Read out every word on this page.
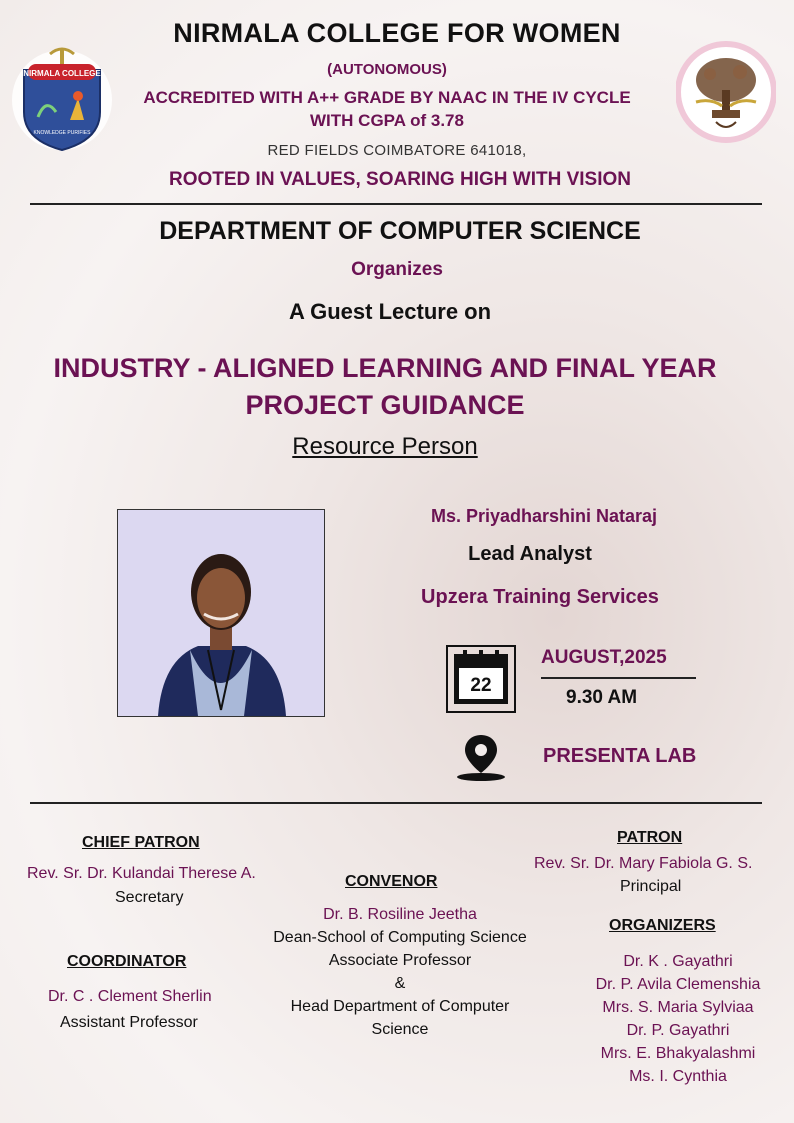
NIRMALA COLLEGE
KNOWLEDGE PURIFIES
NIRMALA COLLEGE FOR WOMEN
(AUTONOMOUS)
ACCREDITED WITH A++ GRADE BY NAAC IN THE IV CYCLE
WITH CGPA of 3.78
RED FIELDS COIMBATORE 641018,
ROOTED IN VALUES, SOARING HIGH WITH VISION
DEPARTMENT OF COMPUTER SCIENCE
Organizes
A Guest Lecture on
INDUSTRY - ALIGNED LEARNING AND FINAL YEAR
PROJECT GUIDANCE
Resource Person
Ms. Priyadharshini Nataraj
Lead Analyst
Upzera Training Services
22
AUGUST,2025
9.30 AM
PRESENTA LAB
CHIEF PATRON
Rev. Sr. Dr. Kulandai Therese A.
Secretary
COORDINATOR
Dr. C . Clement Sherlin
Assistant Professor
CONVENOR
Dr. B. Rosiline Jeetha
Dean-School of Computing Science
Associate Professor
&
Head Department of Computer
Science
PATRON
Rev. Sr. Dr. Mary Fabiola G. S.
Principal
ORGANIZERS
Dr. K . Gayathri
Dr. P. Avila Clemenshia
Mrs. S. Maria Sylviaa
Dr. P. Gayathri
Mrs. E. Bhakyalashmi
Ms. I. Cynthia
